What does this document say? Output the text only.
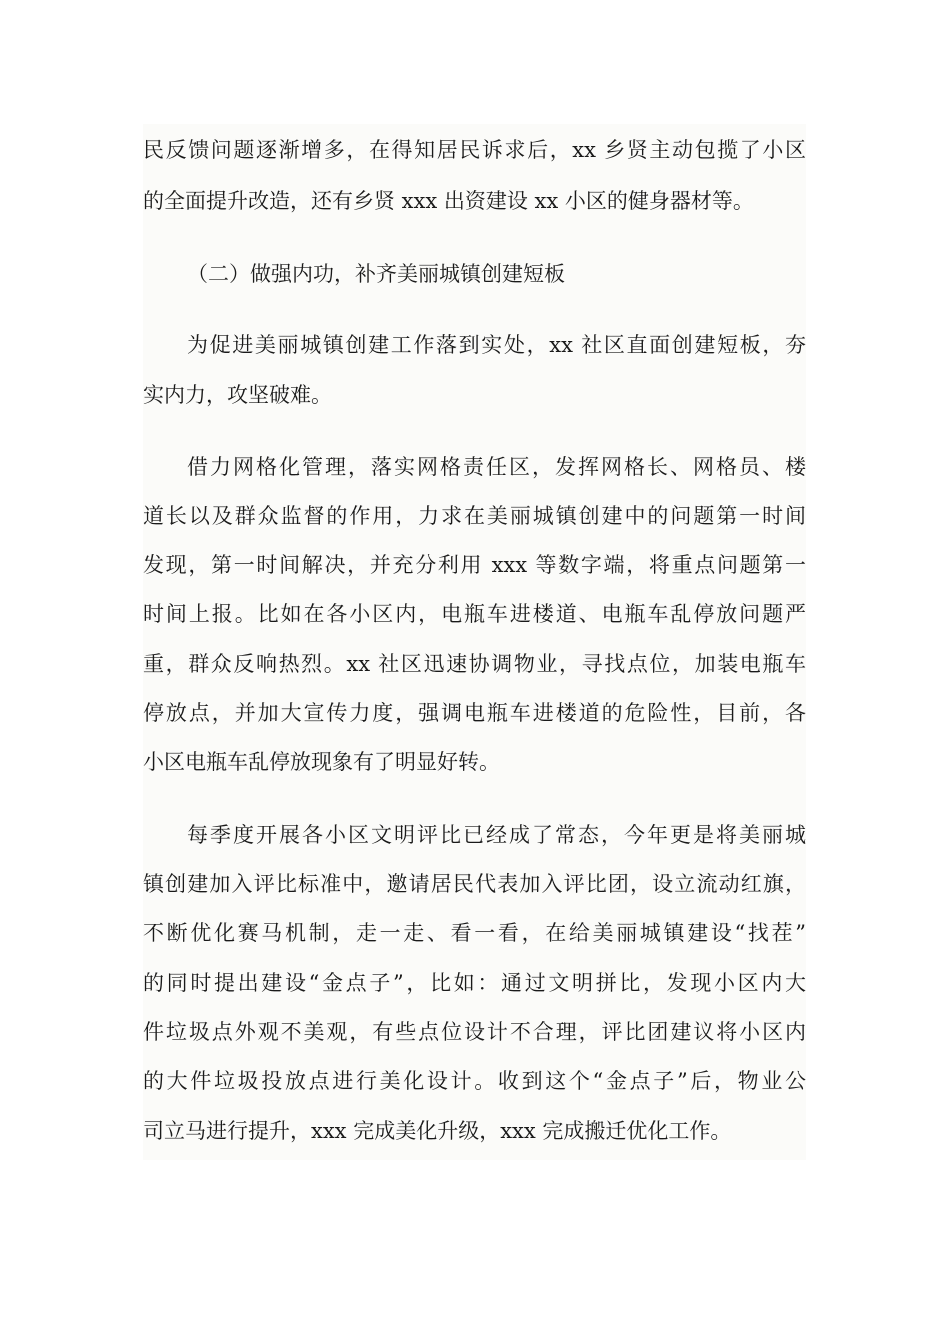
民反馈问题逐渐增多，在得知居民诉求后，xx 乡贤主动包揽了小区
的全面提升改造，还有乡贤 xxx 出资建设 xx 小区的健身器材等。
（二）做强内功，补齐美丽城镇创建短板
为促进美丽城镇创建工作落到实处，xx 社区直面创建短板，夯
实内力，攻坚破难。
借力网格化管理，落实网格责任区，发挥网格长、网格员、楼
道长以及群众监督的作用，力求在美丽城镇创建中的问题第一时间
发现，第一时间解决，并充分利用 xxx 等数字端，将重点问题第一
时间上报。比如在各小区内，电瓶车进楼道、电瓶车乱停放问题严
重，群众反响热烈。xx 社区迅速协调物业，寻找点位，加装电瓶车
停放点，并加大宣传力度，强调电瓶车进楼道的危险性，目前，各
小区电瓶车乱停放现象有了明显好转。
每季度开展各小区文明评比已经成了常态，今年更是将美丽城
镇创建加入评比标准中，邀请居民代表加入评比团，设立流动红旗，
不断优化赛马机制，走一走、看一看，在给美丽城镇建设“找茬”
的同时提出建设“金点子”，比如：通过文明拼比，发现小区内大
件垃圾点外观不美观，有些点位设计不合理，评比团建议将小区内
的大件垃圾投放点进行美化设计。收到这个“金点子”后，物业公
司立马进行提升，xxx 完成美化升级，xxx 完成搬迁优化工作。
